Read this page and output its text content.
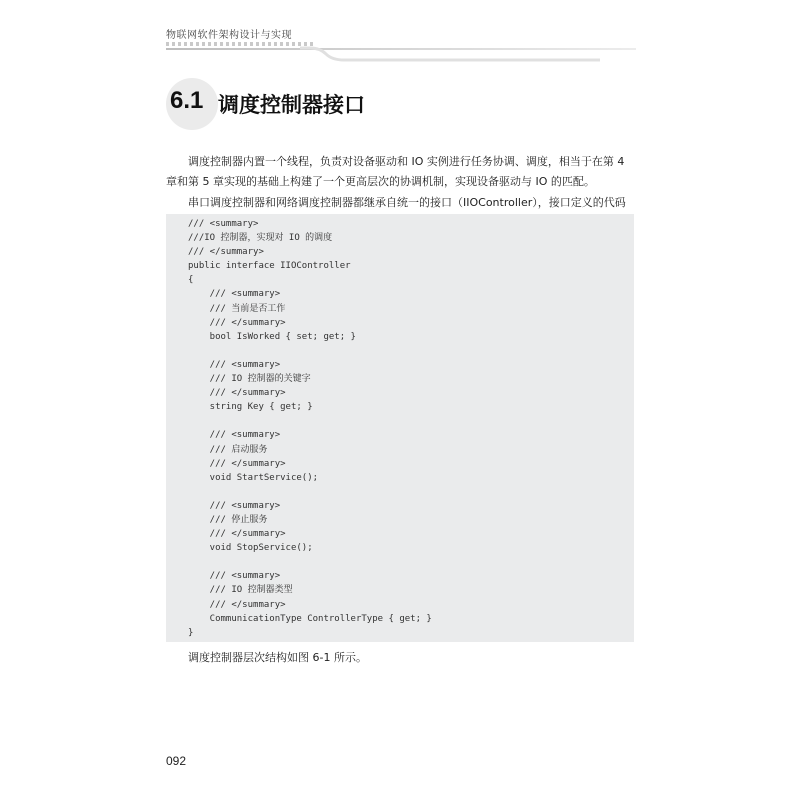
物联网软件架构设计与实现
6.1 调度控制器接口

调度控制器内置一个线程，负责对设备驱动和 IO 实例进行任务协调、调度，相当于在第 4 章和第 5 章实现的基础上构建了一个更高层次的协调机制，实现设备驱动与 IO 的匹配。

串口调度控制器和网络调度控制器都继承自统一的接口（IIOController），接口定义的代码

/// <summary>
///IO 控制器，实现对 IO 的调度
/// </summary>
public interface IIOController
{
/// <summary>
/// 当前是否工作
/// </summary>
bool IsWorked { set; get; }
/// <summary>
/// IO 控制器的关键字
/// </summary>
string Key { get; }
/// <summary>
/// 启动服务
/// </summary>
void StartService();
/// <summary>
/// 停止服务
/// </summary>
void StopService();
/// <summary>
/// IO 控制器类型
/// </summary>
CommunicationType ControllerType { get; }
}

调度控制器层次结构如图 6-1 所示。

092
